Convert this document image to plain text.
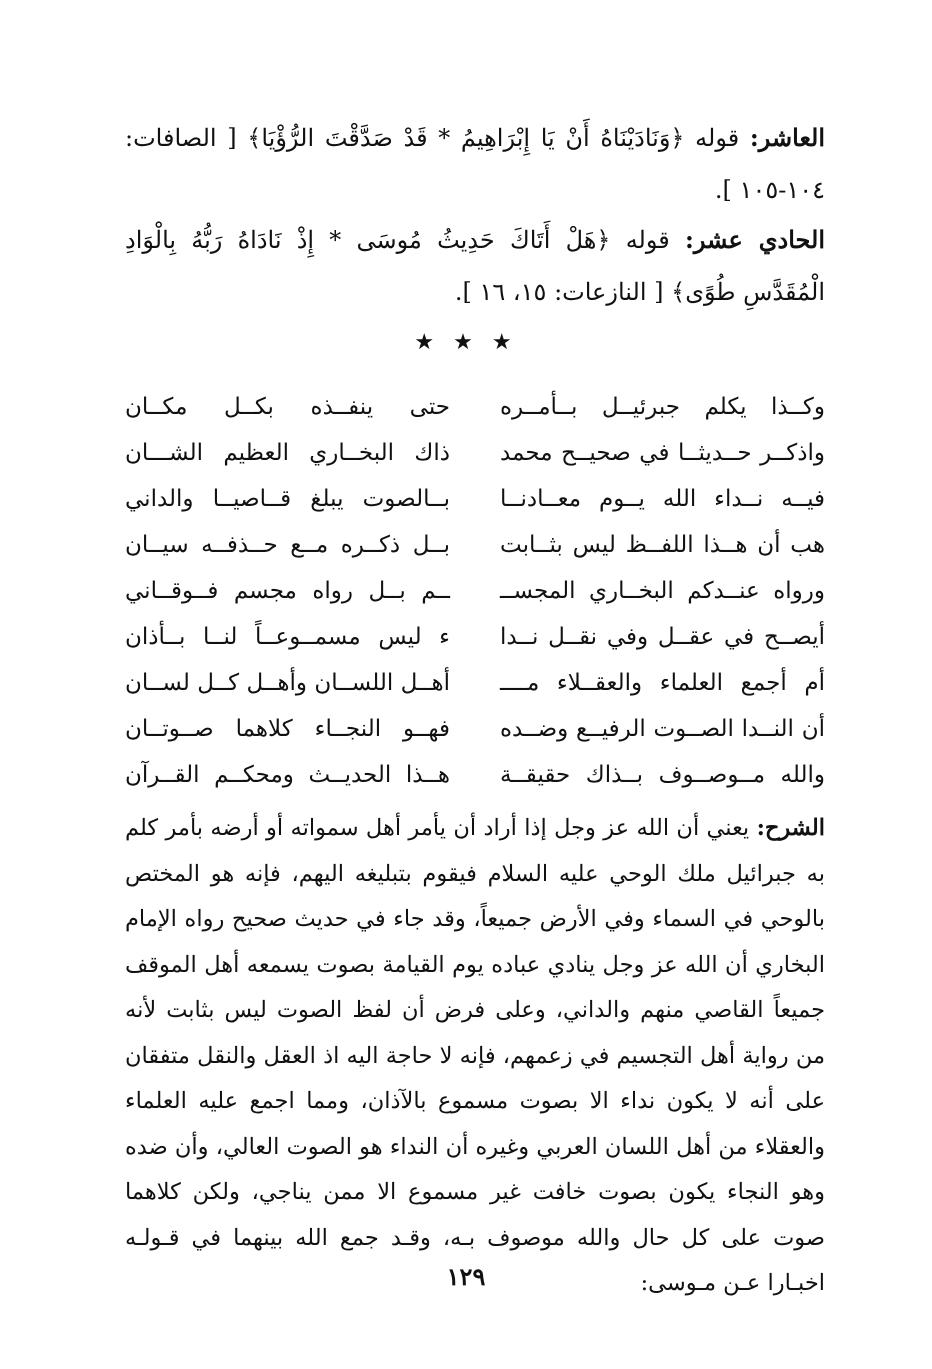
العاشر: قوله ﴿وَنَادَيْنَاهُ أَنْ يَا إِبْرَاهِيمُ * قَدْ صَدَّقْتَ الرُّؤْيَا﴾ [ الصافات: ١٠٤-١٠٥ ].
الحادي عشر: قوله ﴿هَلْ أَتَاكَ حَدِيثُ مُوسَى * إِذْ نَادَاهُ رَبُّهُ بِالْوَادِ الْمُقَدَّسِ طُوًى﴾ [ النازعات: ١٥، ١٦ ].
★ ★ ★
وكــذا يكلم جبرئيــل بــأمــره
حتى ينفــذه بكــل مكــان
واذكــر حــديثــا في صحيــح محمد
ذاك البخــاري العظيم الشـــان
فيــه نــداء الله يــوم معــادنــا
بــالصوت يبلغ قــاصيــا والداني
هب أن هــذا اللفــظ ليس بثــابت
بــل ذكــره مــع حــذفــه سيــان
ورواه عنــدكم البخــاري المجســ
ــم بــل رواه مجسم فــوقــاني
أيصــح في عقــل وفي نقــل نــدا
ء ليس مسمــوعــاً لنــا بــأذان
أم أجمع العلماء والعقــلاء مــــ
أهــل اللســان وأهــل كــل لســان
أن النــدا الصــوت الرفيــع وضــده
فهــو النجــاء كلاهما صــوتــان
والله مــوصــوف بــذاك حقيقــة
هــذا الحديــث ومحكــم القــرآن
الشرح: يعني أن الله عز وجل إذا أراد أن يأمر أهل سمواته أو أرضه بأمر كلم به جبرائيل ملك الوحي عليه السلام فيقوم بتبليغه اليهم، فإنه هو المختص بالوحي في السماء وفي الأرض جميعاً، وقد جاء في حديث صحيح رواه الإمام البخاري أن الله عز وجل ينادي عباده يوم القيامة بصوت يسمعه أهل الموقف جميعاً القاصي منهم والداني، وعلى فرض أن لفظ الصوت ليس بثابت لأنه من رواية أهل التجسيم في زعمهم، فإنه لا حاجة اليه اذ العقل والنقل متفقان على أنه لا يكون نداء الا بصوت مسموع بالآذان، ومما اجمع عليه العلماء والعقلاء من أهل اللسان العربي وغيره أن النداء هو الصوت العالي، وأن ضده وهو النجاء يكون بصوت خافت غير مسموع الا ممن يناجي، ولكن كلاهما صوت على كل حال والله موصوف بـه، وقـد جمع الله بينهما في قـولـه اخبـارا عـن مـوسى:
١٢٩
